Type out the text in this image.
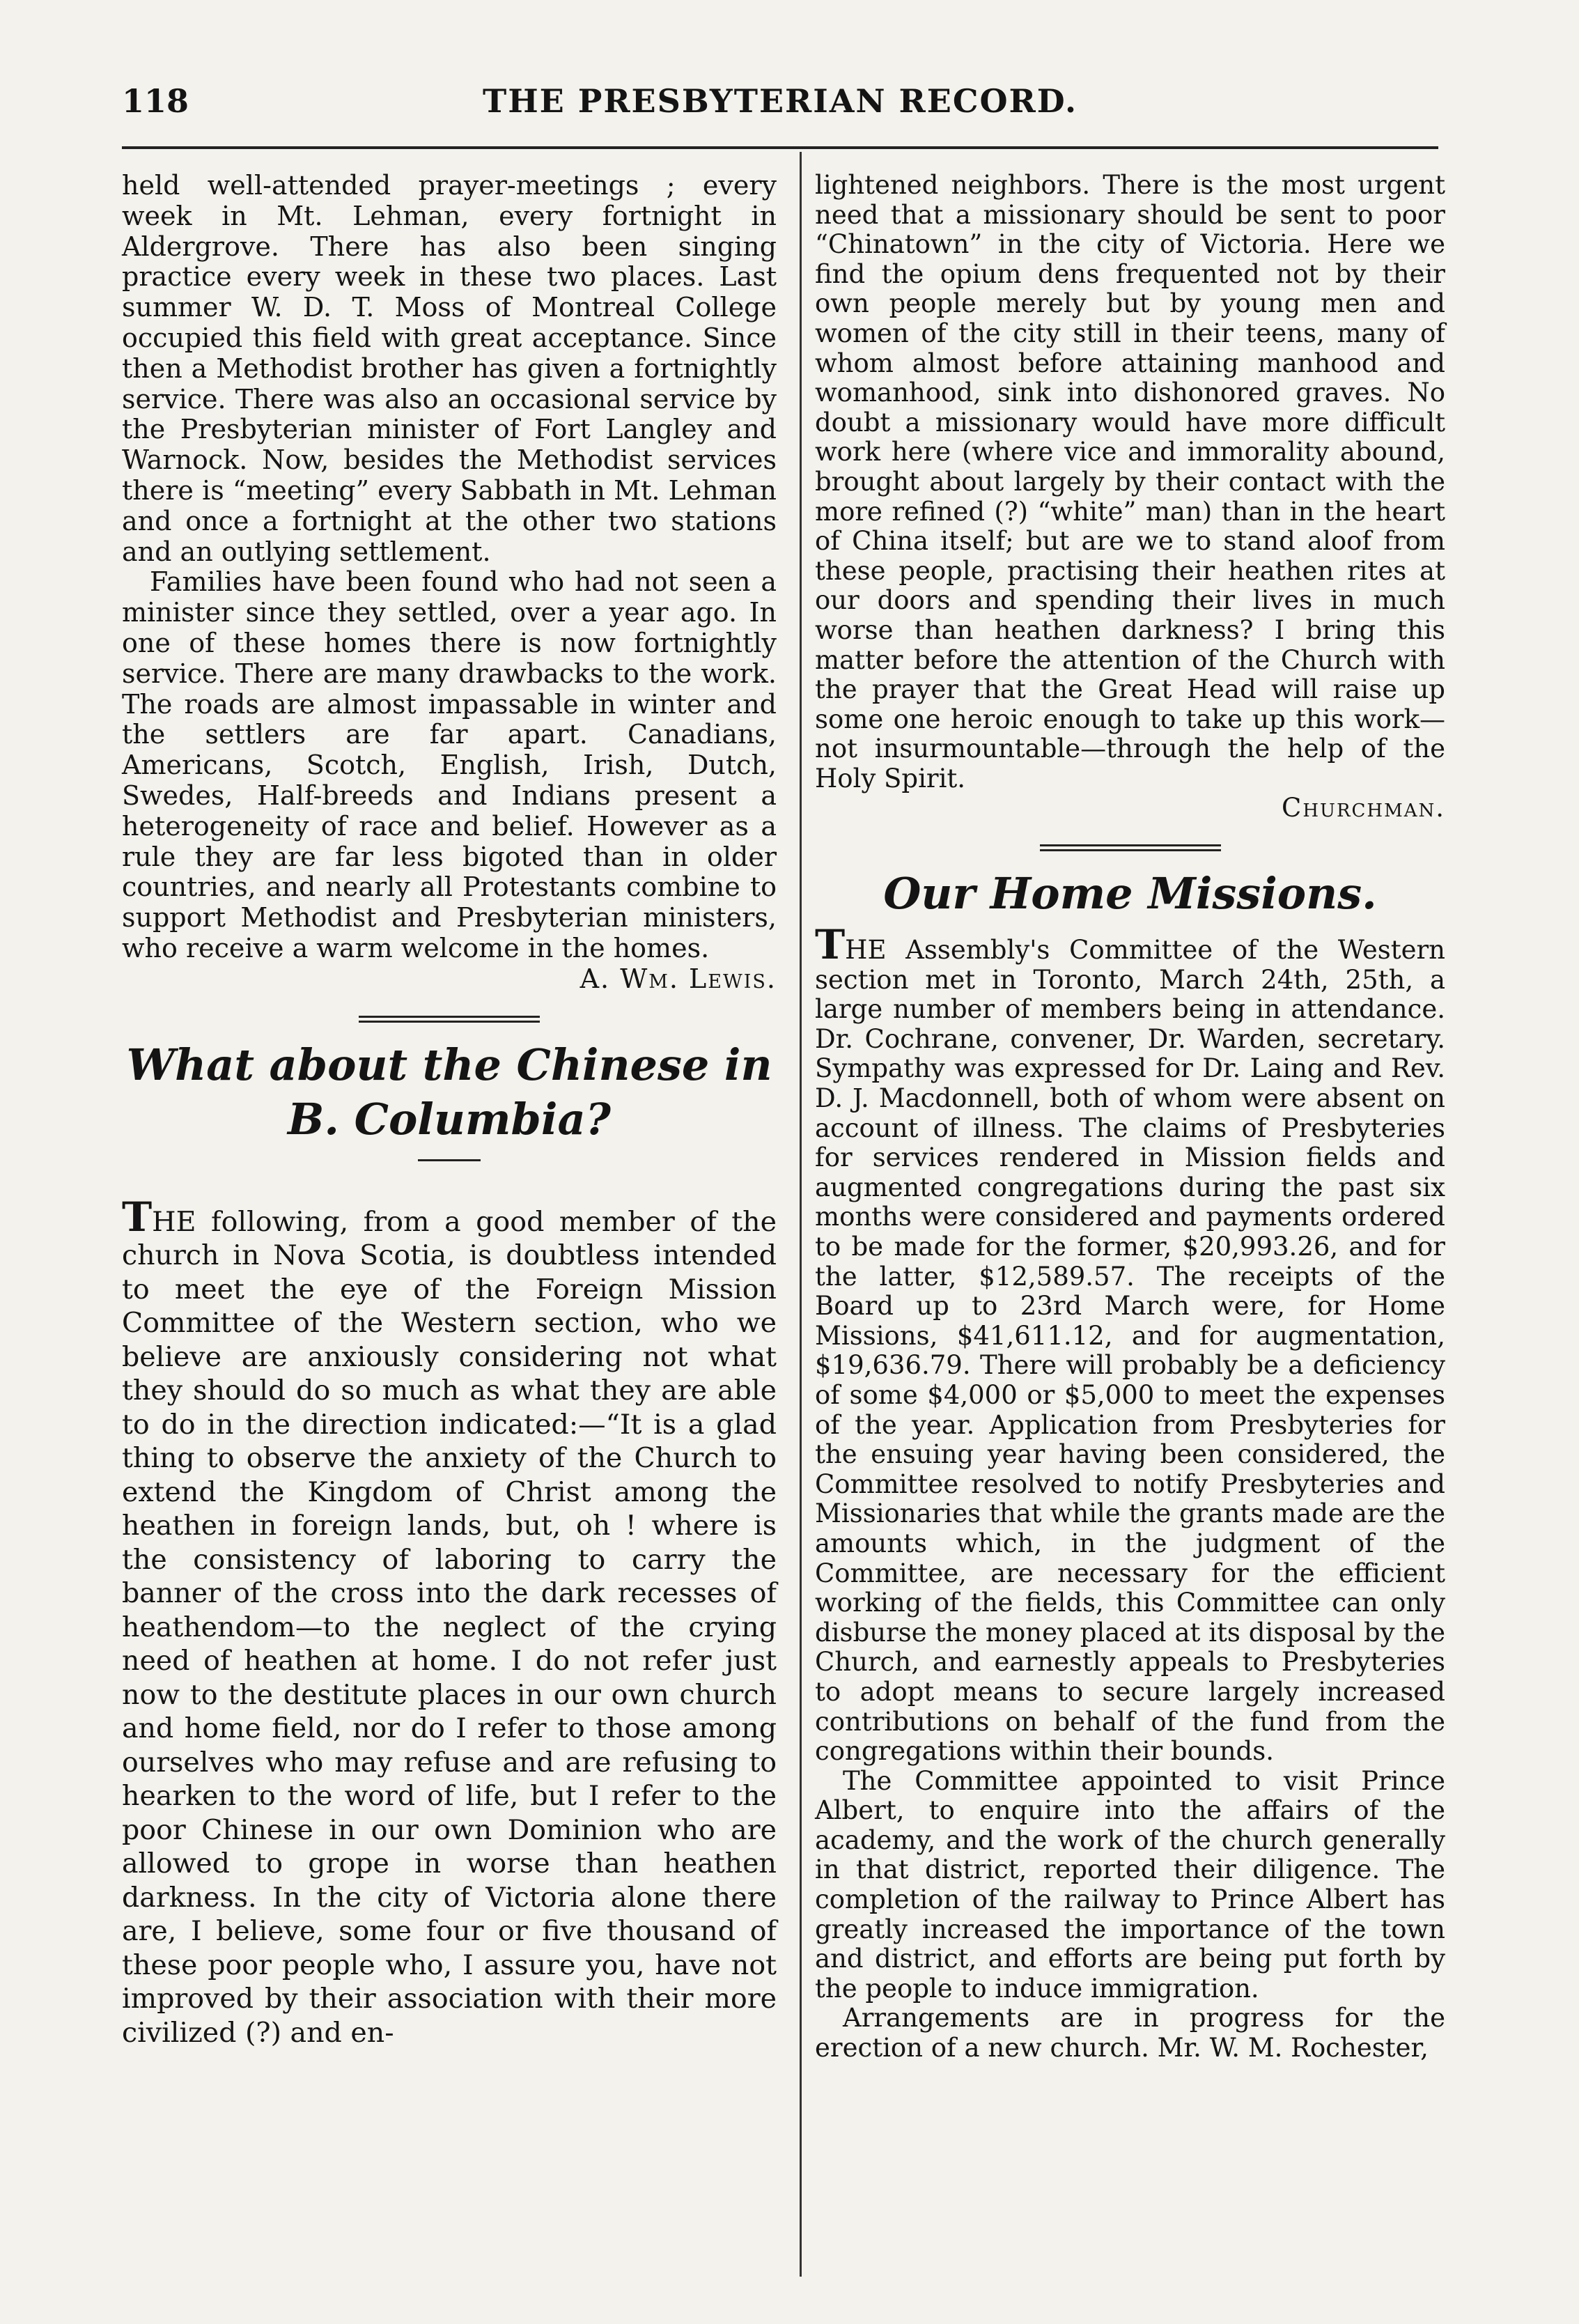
118	THE PRESBYTERIAN RECORD.

held well-attended prayer-meetings ; every week in Mt. Lehman, every fortnight in Aldergrove. There has also been singing practice every week in these two places. Last summer W. D. T. Moss of Montreal College occupied this field with great acceptance. Since then a Methodist brother has given a fortnightly service. There was also an occasional service by the Presbyterian minister of Fort Langley and Warnock. Now, besides the Methodist services there is “meeting” every Sabbath in Mt. Lehman and once a fortnight at the other two stations and an outlying settlement.

Families have been found who had not seen a minister since they settled, over a year ago. In one of these homes there is now fortnightly service. There are many drawbacks to the work. The roads are almost impassable in winter and the settlers are far apart. Canadians, Americans, Scotch, English, Irish, Dutch, Swedes, Half-breeds and Indians present a heterogeneity of race and belief. However as a rule they are far less bigoted than in older countries, and nearly all Protestants combine to support Methodist and Presbyterian ministers, who receive a warm welcome in the homes.

A. Wm. Lewis.

What about the Chinese in B. Columbia?

THE following, from a good member of the church in Nova Scotia, is doubtless intended to meet the eye of the Foreign Mission Committee of the Western section, who we believe are anxiously considering not what they should do so much as what they are able to do in the direction indicated:—“It is a glad thing to observe the anxiety of the Church to extend the Kingdom of Christ among the heathen in foreign lands, but, oh ! where is the consistency of laboring to carry the banner of the cross into the dark recesses of heathendom—to the neglect of the crying need of heathen at home. I do not refer just now to the destitute places in our own church and home field, nor do I refer to those among ourselves who may refuse and are refusing to hearken to the word of life, but I refer to the poor Chinese in our own Dominion who are allowed to grope in worse than heathen darkness. In the city of Victoria alone there are, I believe, some four or five thousand of these poor people who, I assure you, have not improved by their association with their more civilized (?) and en-

lightened neighbors. There is the most urgent need that a missionary should be sent to poor “Chinatown” in the city of Victoria. Here we find the opium dens frequented not by their own people merely but by young men and women of the city still in their teens, many of whom almost before attaining manhood and womanhood, sink into dishonored graves. No doubt a missionary would have more difficult work here (where vice and immorality abound, brought about largely by their contact with the more refined (?) “white” man) than in the heart of China itself; but are we to stand aloof from these people, practising their heathen rites at our doors and spending their lives in much worse than heathen darkness? I bring this matter before the attention of the Church with the prayer that the Great Head will raise up some one heroic enough to take up this work—not insurmountable—through the help of the Holy Spirit.

Churchman.

Our Home Missions.

THE Assembly's Committee of the Western section met in Toronto, March 24th, 25th, a large number of members being in attendance. Dr. Cochrane, convener, Dr. Warden, secretary. Sympathy was expressed for Dr. Laing and Rev. D. J. Macdonnell, both of whom were absent on account of illness. The claims of Presbyteries for services rendered in Mission fields and augmented congregations during the past six months were considered and payments ordered to be made for the former, $20,993.26, and for the latter, $12,589.57. The receipts of the Board up to 23rd March were, for Home Missions, $41,611.12, and for augmentation, $19,636.79. There will probably be a deficiency of some $4,000 or $5,000 to meet the expenses of the year. Application from Presbyteries for the ensuing year having been considered, the Committee resolved to notify Presbyteries and Missionaries that while the grants made are the amounts which, in the judgment of the Committee, are necessary for the efficient working of the fields, this Committee can only disburse the money placed at its disposal by the Church, and earnestly appeals to Presbyteries to adopt means to secure largely increased contributions on behalf of the fund from the congregations within their bounds.

The Committee appointed to visit Prince Albert, to enquire into the affairs of the academy, and the work of the church generally in that district, reported their diligence. The completion of the railway to Prince Albert has greatly increased the importance of the town and district, and efforts are being put forth by the people to induce immigration.

Arrangements are in progress for the erection of a new church. Mr. W. M. Rochester,
